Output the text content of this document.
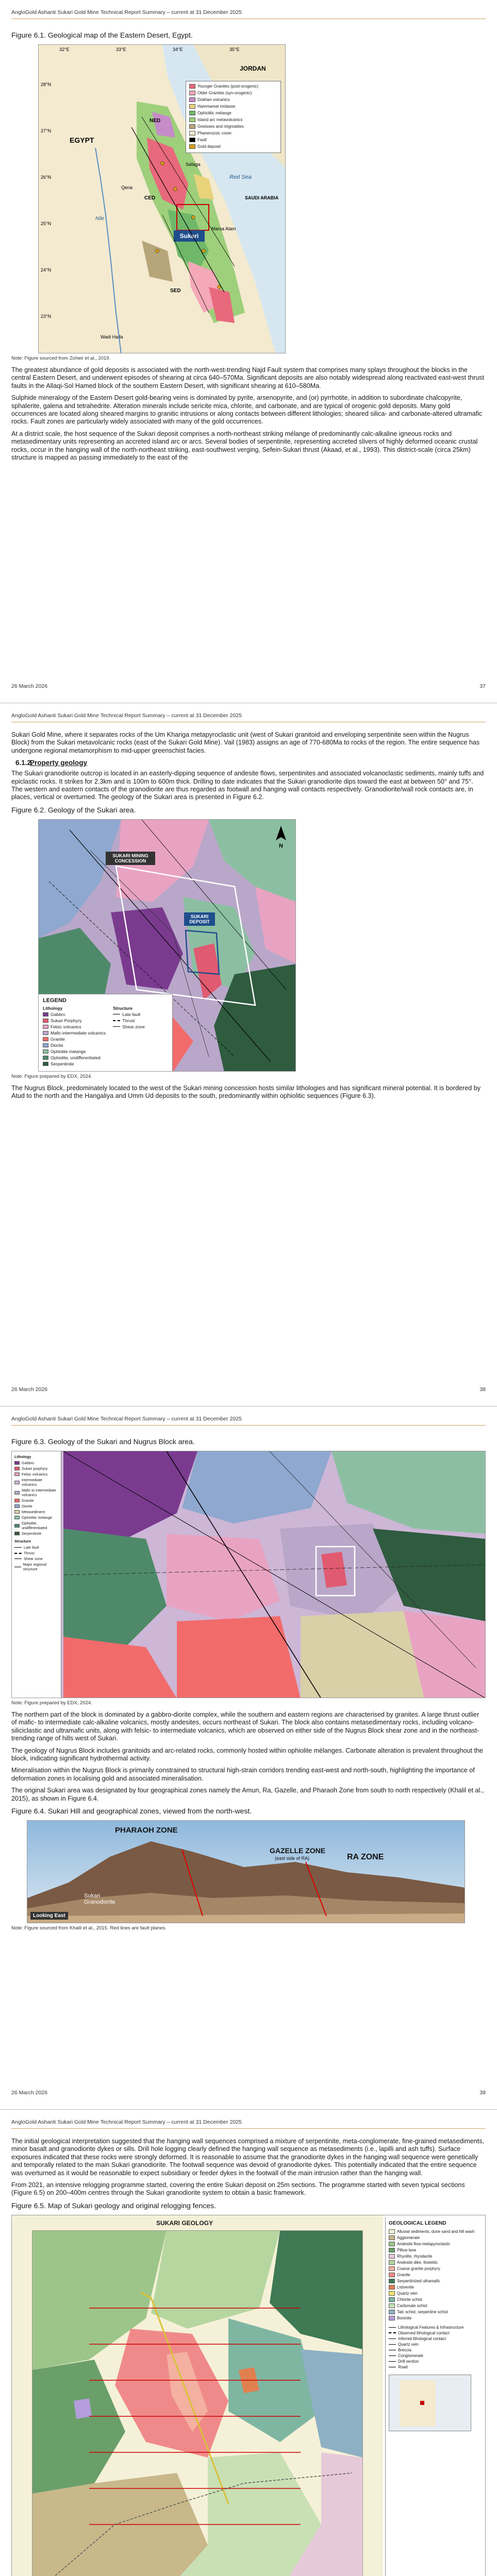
AngloGold Ashanti Sukari Gold Mine Technical Report Summary – current at 31 December 2025
Figure 6.1. Geological map of the Eastern Desert, Egypt.
Sukari
32°E	33°E	34°E	35°E
28°N
27°N
26°N
25°N
24°N
23°N
EGYPT
JORDAN
SAUDI ARABIA
Red Sea
Nile
Qena
Safaga
Marsa Alam
Wadi Halfa
NED
CED
SED
Younger Granites (post-orogenic)
Older Granites (syn-orogenic)
Dokhan volcanics
Hammamat molasse
Ophiolitic mélange
Island arc metavolcanics
Gneisses and migmatites
Phanerozoic cover
Fault
Gold deposit
Note: Figure sourced from Zoheir et al., 2019.

The greatest abundance of gold deposits is associated with the north-west-trending Najd Fault system that comprises many splays throughout the blocks in the central Eastern Desert, and underwent episodes of shearing at circa 640–570Ma. Significant deposits are also notably widespread along reactivated east-west thrust faults in the Allaqi-Sol Hamed block of the southern Eastern Desert, with significant shearing at 610–580Ma.

Sulphide mineralogy of the Eastern Desert gold-bearing veins is dominated by pyrite, arsenopyrite, and (or) pyrrhotite, in addition to subordinate chalcopyrite, sphalerite, galena and tetrahedrite. Alteration minerals include sericite mica, chlorite, and carbonate, and are typical of orogenic gold deposits. Many gold occurrences are located along sheared margins to granitic intrusions or along contacts between different lithologies; sheared silica- and carbonate-altered ultramafic rocks. Fault zones are particularly widely associated with many of the gold occurrences.

At a district scale, the host sequence of the Sukari deposit comprises a north-northeast striking mélange of predominantly calc-alkaline igneous rocks and metasedimentary units representing an accreted island arc or arcs. Several bodies of serpentinite, representing accreted slivers of highly deformed oceanic crustal rocks, occur in the hanging wall of the north-northeast striking, east-southwest verging, Sefein-Sukari thrust (Akaad, et al., 1993). This district-scale (circa 25km) structure is mapped as passing immediately to the east of the

26 March 2026	37
AngloGold Ashanti Sukari Gold Mine Technical Report Summary – current at 31 December 2025

Sukari Gold Mine, where it separates rocks of the Um Khariga metapyroclastic unit (west of Sukari granitoid and enveloping serpentinite seen within the Nugrus Block) from the Sukari metavolcanic rocks (east of the Sukari Gold Mine). Vail (1983) assigns an age of 770-680Ma to rocks of the region. The entire sequence has undergone regional metamorphism to mid-upper greenschist facies.

6.1.2.Property geology

The Sukari granodiorite outcrop is located in an easterly-dipping sequence of andesite flows, serpentinites and associated volcanoclastic sediments, mainly tuffs and epiclastic rocks. It strikes for 2.3km and is 100m to 600m thick. Drilling to date indicates that the Sukari granodiorite dips toward the east at between 50° and 75°. The western and eastern contacts of the granodiorite are thus regarded as footwall and hanging wall contacts respectively. Granodiorite/wall rock contacts are, in places, vertical or overturned. The geology of the Sukari area is presented in Figure 6.2.

Figure 6.2. Geology of the Sukari area.
N
SUKARI MINING CONCESSION
SUKARI DEPOSIT
LEGEND
Lithology
Gabbro
Sukari Porphyry
Felsic volcanics
Mafic-intermediate volcanics
Granite
Diorite
Ophiolite melange
Ophiolite, undifferentiated
Serpentinite
Structure
Late fault
Thrust
Shear zone
Note: Figure prepared by EDX, 2024.

The Nugrus Block, predominately located to the west of the Sukari mining concession hosts similar lithologies and has significant mineral potential. It is bordered by Atud to the north and the Hangaliya and Umm Ud deposits to the south, predominantly within ophiolitic sequences (Figure 6.3).

26 March 2026	38
AngloGold Ashanti Sukari Gold Mine Technical Report Summary – current at 31 December 2025
Figure 6.3. Geology of the Sukari and Nugrus Block area.
Lithology
Gabbro
Sukari porphyry
Felsic volcanics
Intermediate volcanics
Mafic to intermediate volcanics
Granite
Diorite
Metasediment
Ophiolitic melange
Ophiolite, undifferentiated
Serpentinite
Structure
Late fault
Thrust
Shear zone
Major regional structure
Note: Figure prepared by EDX, 2024.

The northern part of the block is dominated by a gabbro-diorite complex, while the southern and eastern regions are characterised by granites. A large thrust outlier of mafic- to intermediate calc-alkaline volcanics, mostly andesites, occurs northeast of Sukari. The block also contains metasedimentary rocks, including volcano-siliciclastic and ultramafic units, along with felsic- to intermediate volcanics, which are observed on either side of the Nugrus Block shear zone and in the northeast-trending range of hills west of Sukari.

The geology of Nugrus Block includes granitoids and arc-related rocks, commonly hosted within ophiolite mélanges. Carbonate alteration is prevalent throughout the block, indicating significant hydrothermal activity.

Mineralisation within the Nugrus Block is primarily constrained to structural high-strain corridors trending east-west and north-south, highlighting the importance of deformation zones in localising gold and associated mineralisation.

The original Sukari area was designated by four geographical zones namely the Amun, Ra, Gazelle, and Pharaoh Zone from south to north respectively (Khalil et al., 2015), as shown in Figure 6.4.

Figure 6.4. Sukari Hill and geographical zones, viewed from the north-west.
PHARAOH ZONE
GAZELLE ZONE
(east side of RA)	RA ZONE
Sukari Granodiorite
Looking East
Note: Figure sourced from Khalil et al., 2015. Red lines are fault planes.
26 March 2026	39
AngloGold Ashanti Sukari Gold Mine Technical Report Summary – current at 31 December 2025

The initial geological interpretation suggested that the hanging wall sequences comprised a mixture of serpentinite, meta-conglomerate, fine-grained metasediments, minor basalt and granodiorite dykes or sills. Drill hole logging clearly defined the hanging wall sequence as metasediments (i.e., lapilli and ash tuffs). Surface exposures indicated that these rocks were strongly deformed. It is reasonable to assume that the granodiorite dykes in the hanging wall sequence were genetically and temporally related to the main Sukari granodiorite. The footwall sequence was devoid of granodiorite dykes. This potentially indicated that the entire sequence was overturned as it would be reasonable to expect subsidiary or feeder dykes in the footwall of the main intrusion rather than the hanging wall.

From 2021, an intensive relogging programme started, covering the entire Sukari deposit on 25m sections. The programme started with seven typical sections (Figure 6.5) on 200–400m centres through the Sukari granodiorite system to obtain a basic framework.

Figure 6.5. Map of Sukari geology and original relogging fences.
SUKARI GEOLOGY	GEOLOGICAL LEGEND
Alluvial sediments, dune sand and hill wash
Agglomerate
Andesite flow-metapyroclastic
Pillow lava
Rhyolite, rhyodacite
Andesite dike, tholeiitic
Coarse granite porphyry
Granite
Serpentinized ultramafic
Listvenite
Quartz vein
Chlorite schist
Carbonate schist
Talc schist, serpentine schist
Boninite
Lithological Features & Infrastructure
Observed lithological contact
Inferred lithological contact
Quartz vein
Breccia
Conglomerate
Drill section
Road
